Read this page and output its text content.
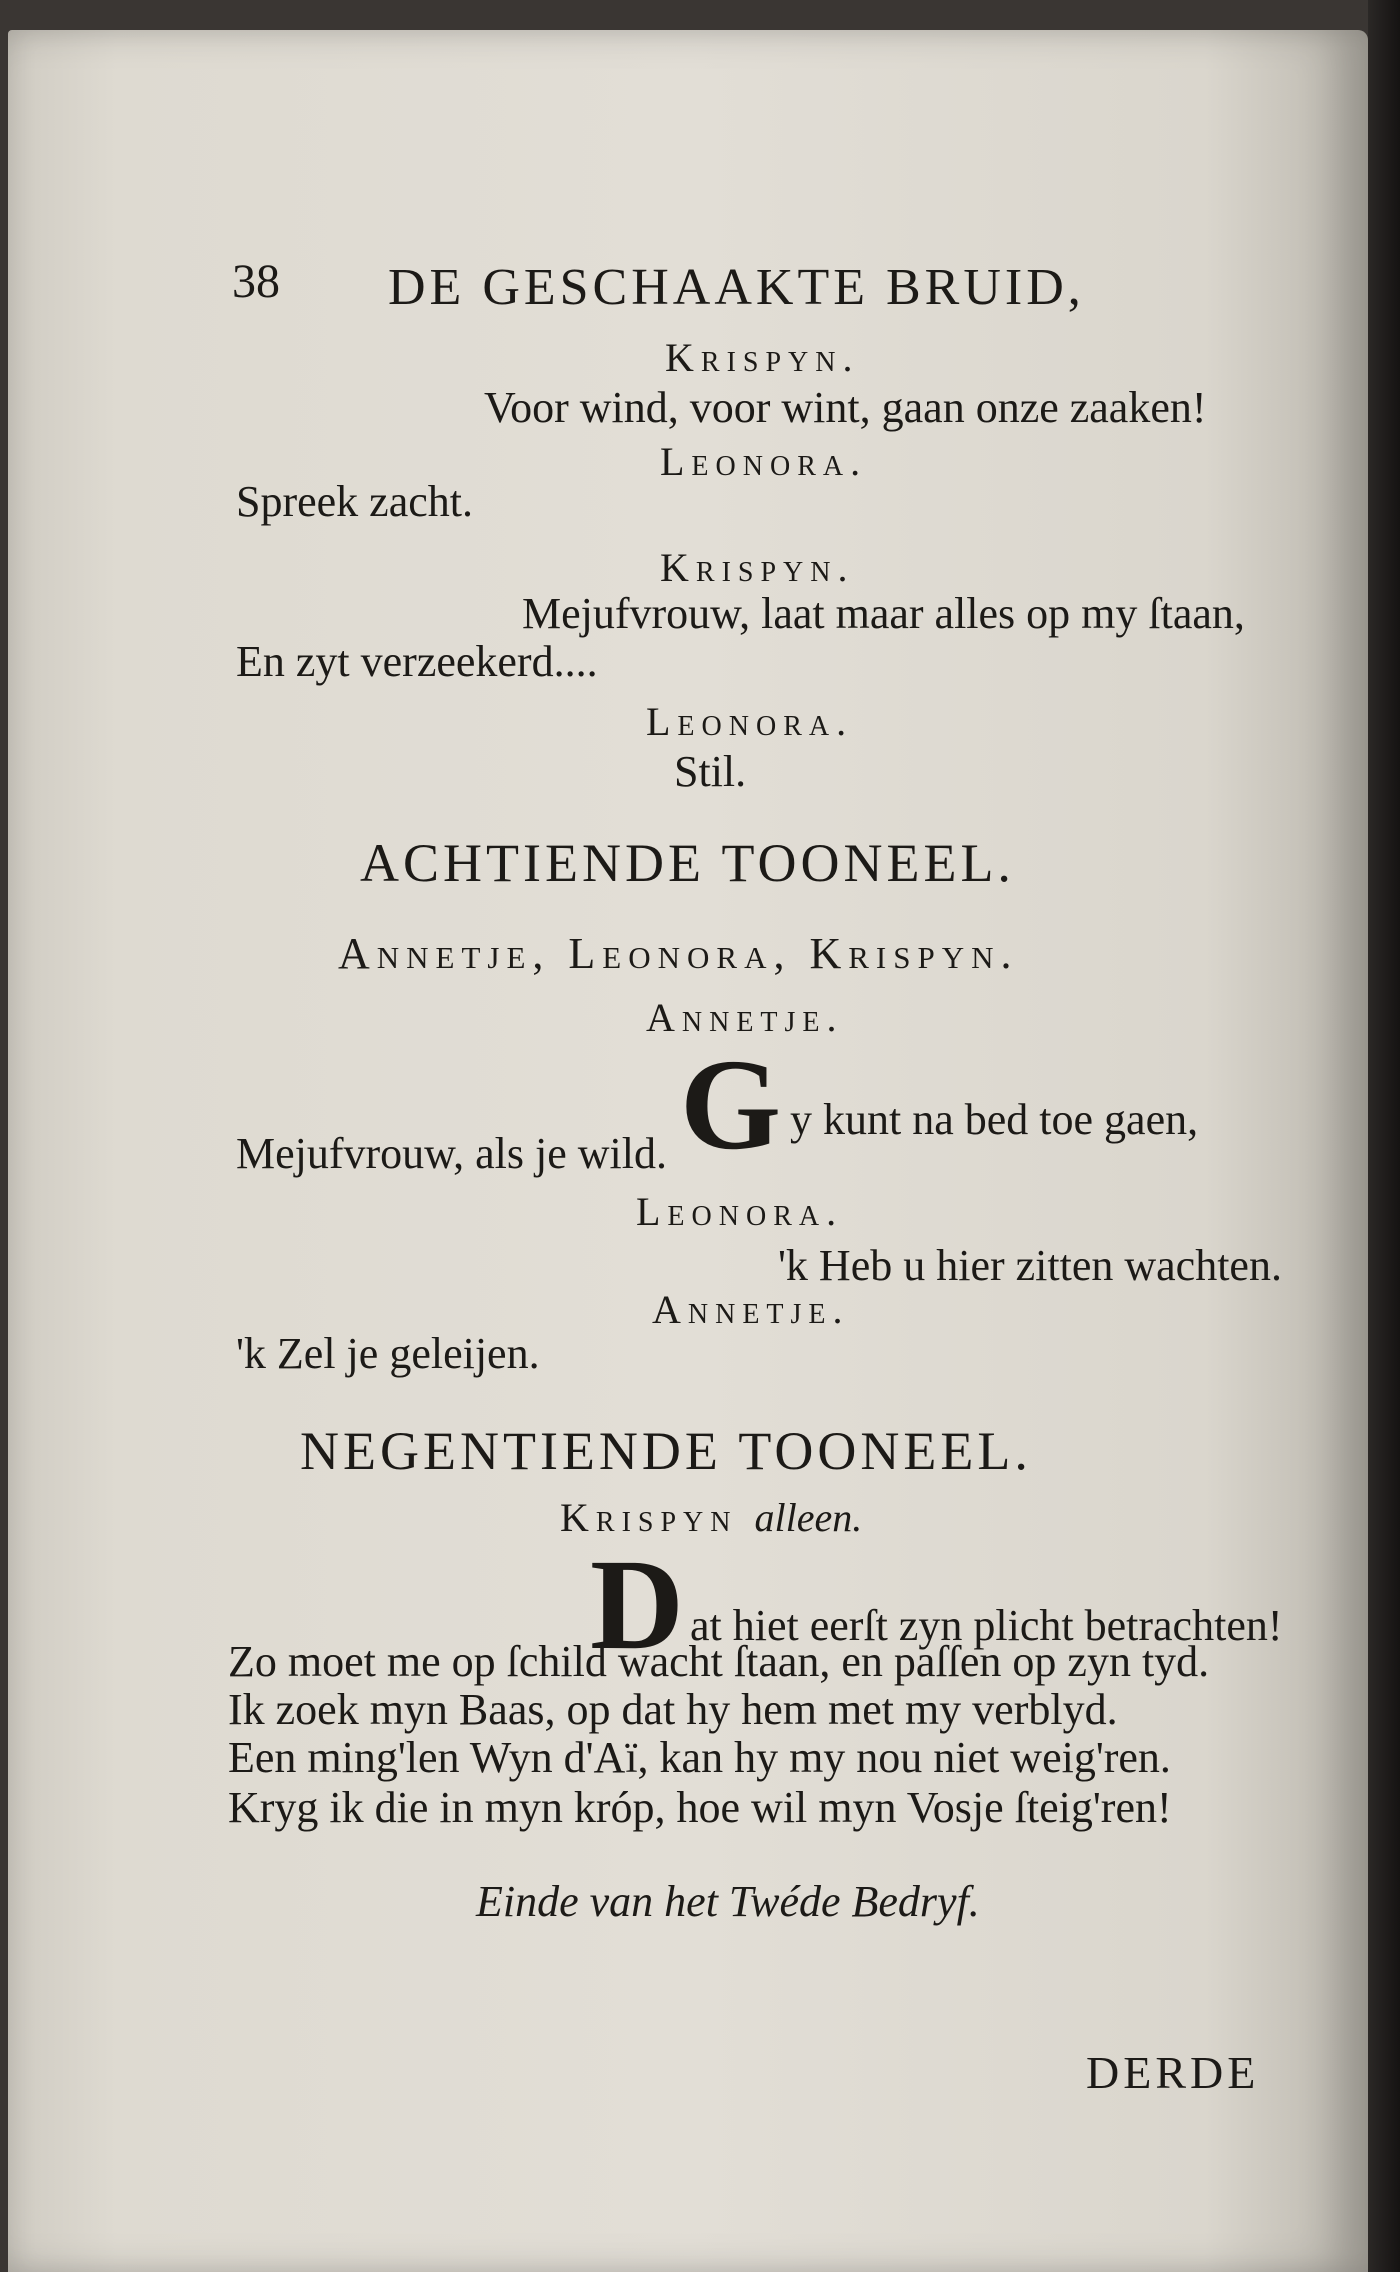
38 DE GESCHAAKTE BRUID,
Krispyn.
Voor wind, voor wint, gaan onze zaaken!
Leonora.
Spreek zacht.
Krispyn.
Mejufvrouw, laat maar alles op my ſtaan,
En zyt verzeekerd....
Leonora.
Stil.
ACHTIENDE TOONEEL.
Annetje, Leonora, Krispyn.
Annetje.
G y kunt na bed toe gaen,
Mejufvrouw, als je wild.
Leonora.
'k Heb u hier zitten wachten.
Annetje.
'k Zel je geleijen.
NEGENTIENDE TOONEEL.
Krispyn alleen.
D at hiet eerſt zyn plicht betrachten!
Zo moet me op ſchild wacht ſtaan, en paſſen op zyn tyd.
Ik zoek myn Baas, op dat hy hem met my verblyd.
Een ming'len Wyn d'Aï, kan hy my nou niet weig'ren.
Kryg ik die in myn króp, hoe wil myn Vosje ſteig'ren!
Einde van het Twéde Bedryf.
DERDE
